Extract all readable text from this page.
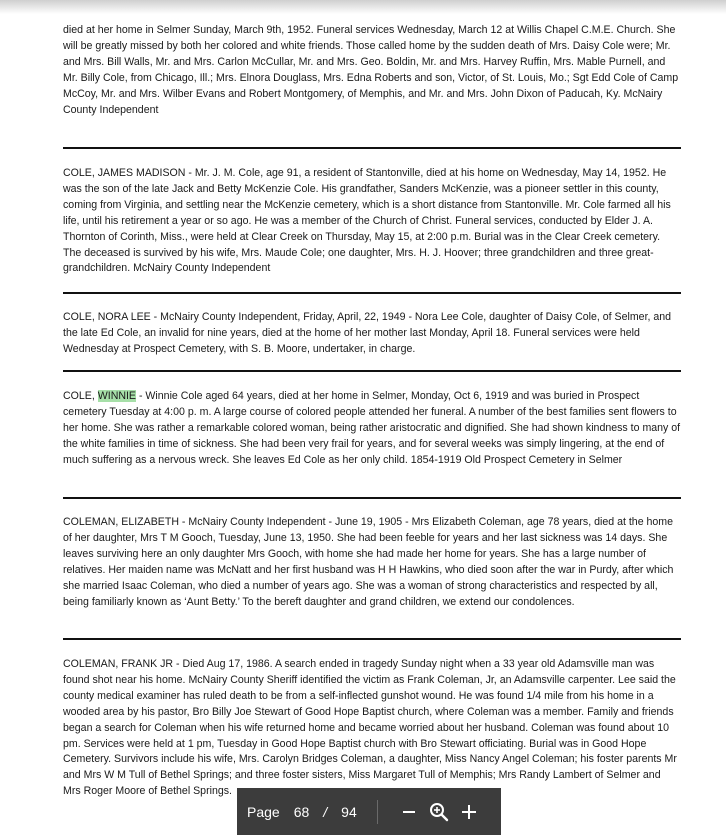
died at her home in Selmer Sunday, March 9th, 1952. Funeral services Wednesday, March 12 at Willis Chapel C.M.E. Church. She will be greatly missed by both her colored and white friends. Those called home by the sudden death of Mrs. Daisy Cole were; Mr. and Mrs. Bill Walls, Mr. and Mrs. Carlon McCullar, Mr. and Mrs. Geo. Boldin, Mr. and Mrs. Harvey Ruffin, Mrs. Mable Purnell, and Mr. Billy Cole, from Chicago, Ill.; Mrs. Elnora Douglass, Mrs. Edna Roberts and son, Victor, of St. Louis, Mo.; Sgt Edd Cole of Camp McCoy, Mr. and Mrs. Wilber Evans and Robert Montgomery, of Memphis, and Mr. and Mrs. John Dixon of Paducah, Ky. McNairy County Independent

COLE, JAMES MADISON - Mr. J. M. Cole, age 91, a resident of Stantonville, died at his home on Wednesday, May 14, 1952. He was the son of the late Jack and Betty McKenzie Cole. His grandfather, Sanders McKenzie, was a pioneer settler in this county, coming from Virginia, and settling near the McKenzie cemetery, which is a short distance from Stantonville. Mr. Cole farmed all his life, until his retirement a year or so ago. He was a member of the Church of Christ. Funeral services, conducted by Elder J. A. Thornton of Corinth, Miss., were held at Clear Creek on Thursday, May 15, at 2:00 p.m. Burial was in the Clear Creek cemetery. The deceased is survived by his wife, Mrs. Maude Cole; one daughter, Mrs. H. J. Hoover; three grandchildren and three great-grandchildren. McNairy County Independent

COLE, NORA LEE - McNairy County Independent, Friday, April, 22, 1949 - Nora Lee Cole, daughter of Daisy Cole, of Selmer, and the late Ed Cole, an invalid for nine years, died at the home of her mother last Monday, April 18. Funeral services were held Wednesday at Prospect Cemetery, with S. B. Moore, undertaker, in charge.

COLE, WINNIE - Winnie Cole aged 64 years, died at her home in Selmer, Monday, Oct 6, 1919 and was buried in Prospect cemetery Tuesday at 4:00 p. m. A large course of colored people attended her funeral. A number of the best families sent flowers to her home. She was rather a remarkable colored woman, being rather aristocratic and dignified. She had shown kindness to many of the white families in time of sickness. She had been very frail for years, and for several weeks was simply lingering, at the end of much suffering as a nervous wreck. She leaves Ed Cole as her only child. 1854-1919 Old Prospect Cemetery in Selmer

COLEMAN, ELIZABETH - McNairy County Independent - June 19, 1905 - Mrs Elizabeth Coleman, age 78 years, died at the home of her daughter, Mrs T M Gooch, Tuesday, June 13, 1950. She had been feeble for years and her last sickness was 14 days. She leaves surviving here an only daughter Mrs Gooch, with home she had made her home for years. She has a large number of relatives. Her maiden name was McNatt and her first husband was H H Hawkins, who died soon after the war in Purdy, after which she married Isaac Coleman, who died a number of years ago. She was a woman of strong characteristics and respected by all, being familiarly known as ‘Aunt Betty.’ To the bereft daughter and grand children, we extend our condolences.

COLEMAN, FRANK JR - Died Aug 17, 1986. A search ended in tragedy Sunday night when a 33 year old Adamsville man was found shot near his home. McNairy County Sheriff identified the victim as Frank Coleman, Jr, an Adamsville carpenter. Lee said the county medical examiner has ruled death to be from a self-inflected gunshot wound. He was found 1/4 mile from his home in a wooded area by his pastor, Bro Billy Joe Stewart of Good Hope Baptist church, where Coleman was a member. Family and friends began a search for Coleman when his wife returned home and became worried about her husband. Coleman was found about 10 pm. Services were held at 1 pm, Tuesday in Good Hope Baptist church with Bro Stewart officiating. Burial was in Good Hope Cemetery. Survivors include his wife, Mrs. Carolyn Bridges Coleman, a daughter, Miss Nancy Angel Coleman; his foster parents Mr and Mrs W M Tull of Bethel Springs; and three foster sisters, Miss Margaret Tull of Memphis; Mrs Randy Lambert of Selmer and Mrs Roger Moore of Bethel Springs.

Page 68 / 94
